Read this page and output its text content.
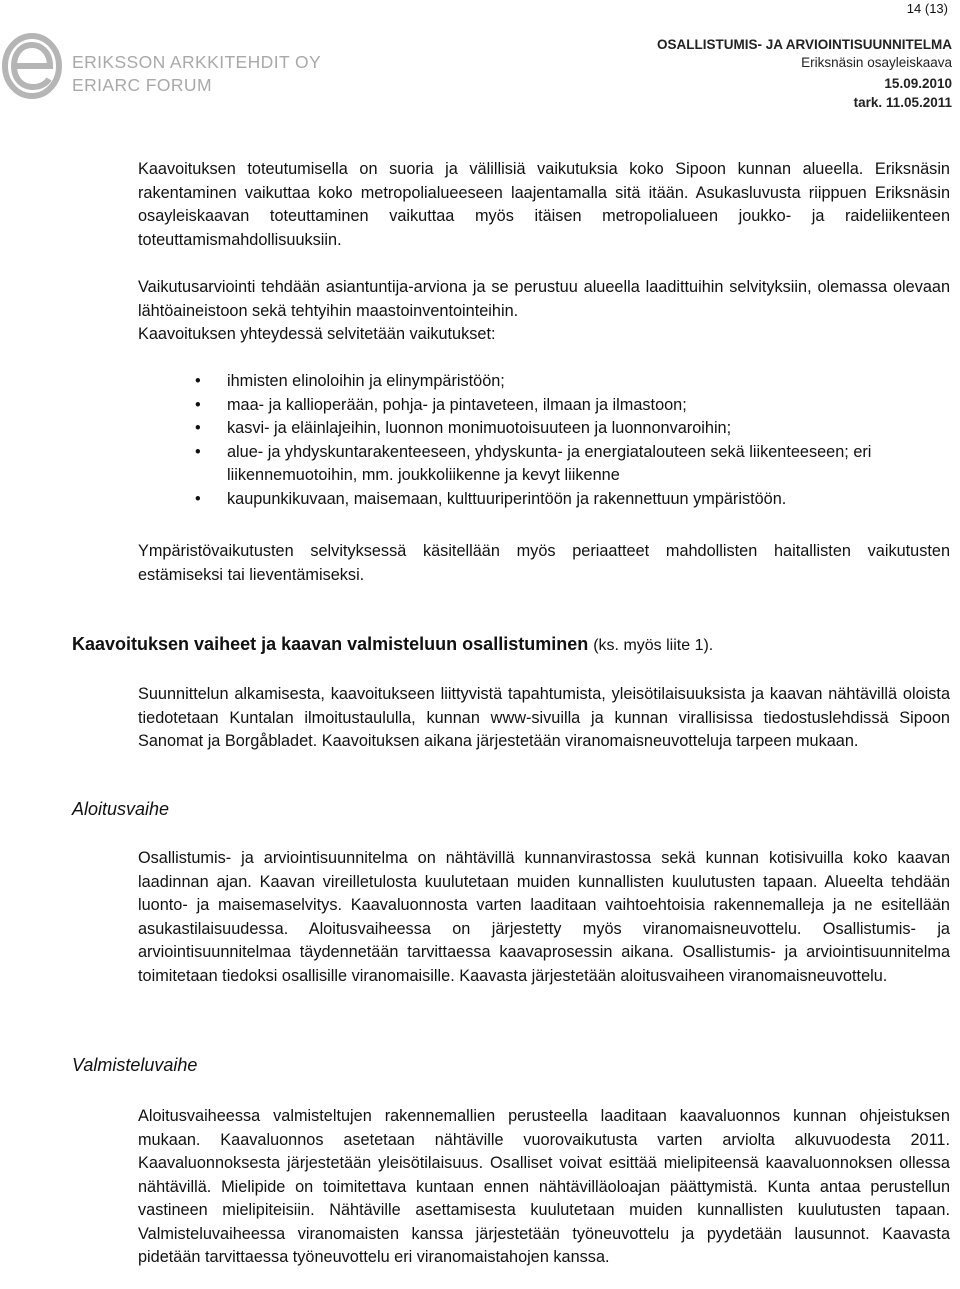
14 (13)
ERIKSSON ARKKITEHDIT OY
ERIARC FORUM
OSALLISTUMIS- JA ARVIOINTISUUNNITELMA
Eriksnäsin osayleiskaava
15.09.2010
tark. 11.05.2011

Kaavoituksen toteutumisella on suoria ja välillisiä vaikutuksia koko Sipoon kunnan alueella. Eriksnäsin rakentaminen vaikuttaa koko metropolialueeseen laajentamalla sitä itään. Asukasluvusta riippuen Eriksnäsin osayleiskaavan toteuttaminen vaikuttaa myös itäisen metropolialueen joukko- ja raideliikenteen toteuttamismahdollisuuksiin.

Vaikutusarviointi tehdään asiantuntija-arviona ja se perustuu alueella laadittuihin selvityksiin, olemassa olevaan lähtöaineistoon sekä tehtyihin maastoinventointeihin.

Kaavoituksen yhteydessä selvitetään vaikutukset:

• ihmisten elinoloihin ja elinympäristöön;
• maa- ja kallioperään, pohja- ja pintaveteen, ilmaan ja ilmastoon;
• kasvi- ja eläinlajeihin, luonnon monimuotoisuuteen ja luonnonvaroihin;
• alue- ja yhdyskuntarakenteeseen, yhdyskunta- ja energiatalouteen sekä liikenteeseen; eri liikennemuotoihin, mm. joukkoliikenne ja kevyt liikenne
• kaupunkikuvaan, maisemaan, kulttuuriperintöön ja rakennettuun ympäristöön.

Ympäristövaikutusten selvityksessä käsitellään myös periaatteet mahdollisten haitallisten vaikutusten estämiseksi tai lieventämiseksi.

Kaavoituksen vaiheet ja kaavan valmisteluun osallistuminen (ks. myös liite 1).

Suunnittelun alkamisesta, kaavoitukseen liittyvistä tapahtumista, yleisötilaisuuksista ja kaavan nähtävillä oloista tiedotetaan Kuntalan ilmoitustaululla, kunnan www-sivuilla ja kunnan virallisissa tiedostuslehdissä Sipoon Sanomat ja Borgåbladet. Kaavoituksen aikana järjestetään viranomaisneuvotteluja tarpeen mukaan.

Aloitusvaihe

Osallistumis- ja arviointisuunnitelma on nähtävillä kunnanvirastossa sekä kunnan kotisivuilla koko kaavan laadinnan ajan. Kaavan vireilletulosta kuulutetaan muiden kunnallisten kuulutusten tapaan. Alueelta tehdään luonto- ja maisemaselvitys. Kaavaluonnosta varten laaditaan vaihtoehtoisia rakennemalleja ja ne esitellään asukastilaisuudessa. Aloitusvaiheessa on järjestetty myös viranomaisneuvottelu. Osallistumis- ja arviointisuunnitelmaa täydennetään tarvittaessa kaavaprosessin aikana. Osallistumis- ja arviointisuunnitelma toimitetaan tiedoksi osallisille viranomaisille. Kaavasta järjestetään aloitusvaiheen viranomaisneuvottelu.

Valmisteluvaihe

Aloitusvaiheessa valmisteltujen rakennemallien perusteella laaditaan kaavaluonnos kunnan ohjeistuksen mukaan. Kaavaluonnos asetetaan nähtäville vuorovaikutusta varten arviolta alkuvuodesta 2011. Kaavaluonnoksesta järjestetään yleisötilaisuus. Osalliset voivat esittää mielipiteensä kaavaluonnoksen ollessa nähtävillä. Mielipide on toimitettava kuntaan ennen nähtävilläoloajan päättymistä. Kunta antaa perustellun vastineen mielipiteisiin. Nähtäville asettamisesta kuulutetaan muiden kunnallisten kuulutusten tapaan. Valmisteluvaiheessa viranomaisten kanssa järjestetään työneuvottelu ja pyydetään lausunnot. Kaavasta pidetään tarvittaessa työneuvottelu eri viranomaistahojen kanssa.
